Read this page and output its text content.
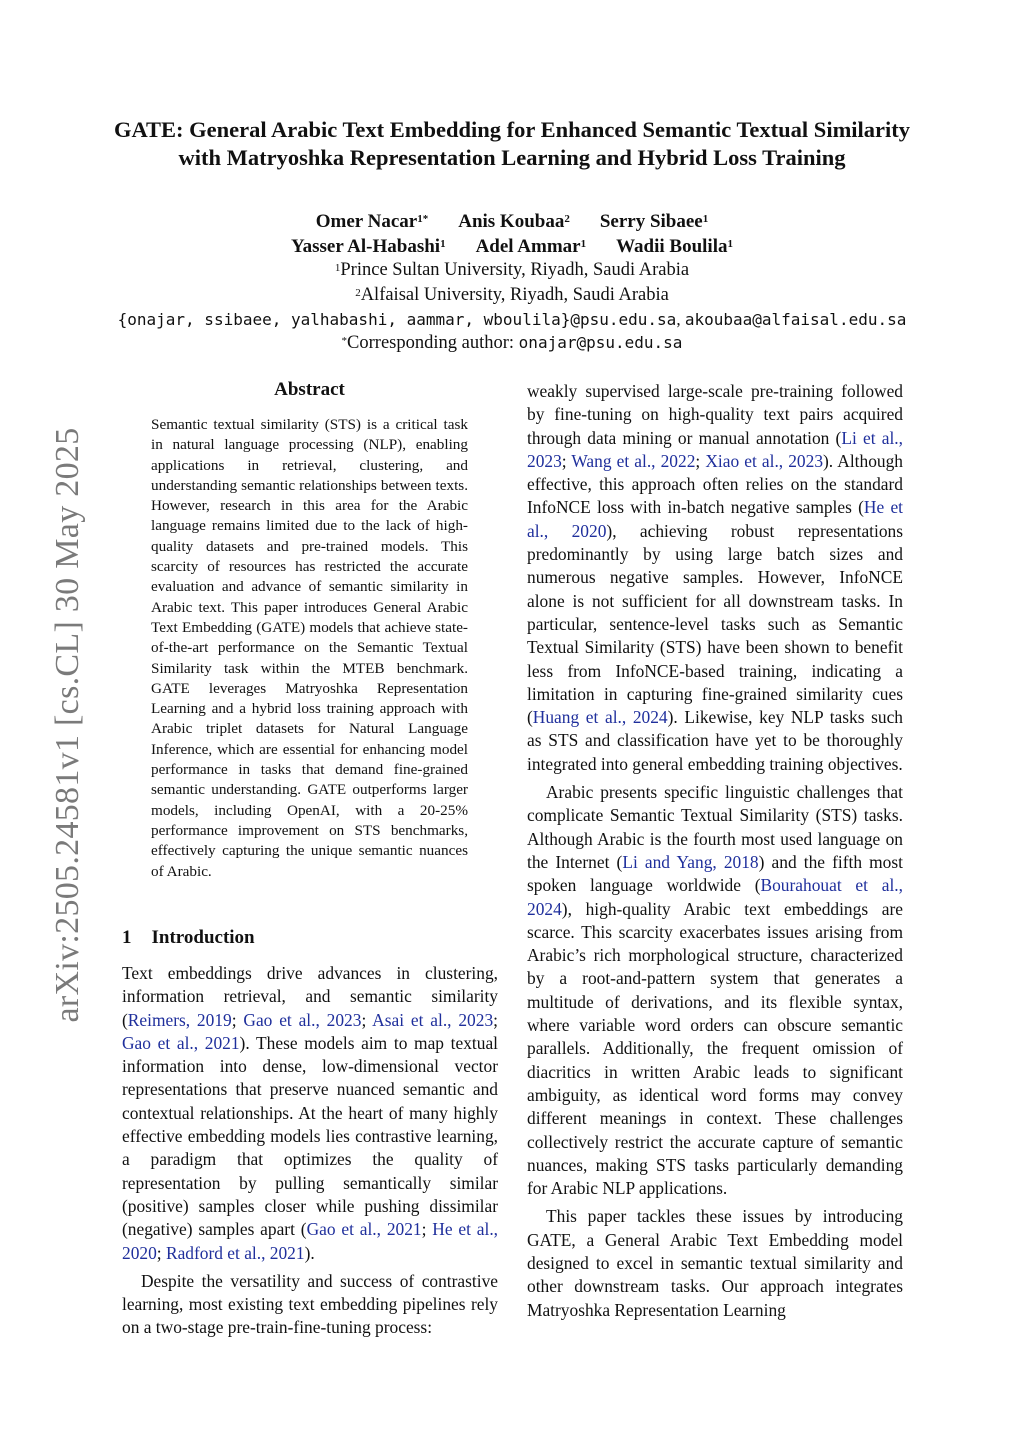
GATE: General Arabic Text Embedding for Enhanced Semantic Textual Similarity with Matryoshka Representation Learning and Hybrid Loss Training
Omer Nacar$^{1*}$ Anis Koubaa$^2$ Serry Sibaee$^1$
Yasser Al-Habashi$^1$ Adel Ammar$^1$ Wadii Boulila$^1$
$^1$Prince Sultan University, Riyadh, Saudi Arabia
$^2$Alfaisal University, Riyadh, Saudi Arabia
{onajar, ssibaee, yalhabashi, aammar, wboulila}@psu.edu.sa, akoubaa@alfaisal.edu.sa
*Corresponding author: onajar@psu.edu.sa
arXiv:2505.24581v1 [cs.CL] 30 May 2025
Abstract

Semantic textual similarity (STS) is a critical task in natural language processing (NLP), enabling applications in retrieval, clustering, and understanding semantic relationships between texts. However, research in this area for the Arabic language remains limited due to the lack of high-quality datasets and pre-trained models. This scarcity of resources has restricted the accurate evaluation and advance of semantic similarity in Arabic text. This paper introduces General Arabic Text Embedding (GATE) models that achieve state-of-the-art performance on the Semantic Textual Similarity task within the MTEB benchmark. GATE leverages Matryoshka Representation Learning and a hybrid loss training approach with Arabic triplet datasets for Natural Language Inference, which are essential for enhancing model performance in tasks that demand fine-grained semantic understanding. GATE outperforms larger models, including OpenAI, with a 20-25% performance improvement on STS benchmarks, effectively capturing the unique semantic nuances of Arabic.

1 Introduction

Text embeddings drive advances in clustering, information retrieval, and semantic similarity (Reimers, 2019; Gao et al., 2023; Asai et al., 2023; Gao et al., 2021). These models aim to map textual information into dense, low-dimensional vector representations that preserve nuanced semantic and contextual relationships. At the heart of many highly effective embedding models lies contrastive learning, a paradigm that optimizes the quality of representation by pulling semantically similar (positive) samples closer while pushing dissimilar (negative) samples apart (Gao et al., 2021; He et al., 2020; Radford et al., 2021).

Despite the versatility and success of contrastive learning, most existing text embedding pipelines rely on a two-stage pre-train-fine-tuning process:

weakly supervised large-scale pre-training followed by fine-tuning on high-quality text pairs acquired through data mining or manual annotation (Li et al., 2023; Wang et al., 2022; Xiao et al., 2023). Although effective, this approach often relies on the standard InfoNCE loss with in-batch negative samples (He et al., 2020), achieving robust representations predominantly by using large batch sizes and numerous negative samples. However, InfoNCE alone is not sufficient for all downstream tasks. In particular, sentence-level tasks such as Semantic Textual Similarity (STS) have been shown to benefit less from InfoNCE-based training, indicating a limitation in capturing fine-grained similarity cues (Huang et al., 2024). Likewise, key NLP tasks such as STS and classification have yet to be thoroughly integrated into general embedding training objectives.

Arabic presents specific linguistic challenges that complicate Semantic Textual Similarity (STS) tasks. Although Arabic is the fourth most used language on the Internet (Li and Yang, 2018) and the fifth most spoken language worldwide (Bourahouat et al., 2024), high-quality Arabic text embeddings are scarce. This scarcity exacerbates issues arising from Arabic’s rich morphological structure, characterized by a root-and-pattern system that generates a multitude of derivations, and its flexible syntax, where variable word orders can obscure semantic parallels. Additionally, the frequent omission of diacritics in written Arabic leads to significant ambiguity, as identical word forms may convey different meanings in context. These challenges collectively restrict the accurate capture of semantic nuances, making STS tasks particularly demanding for Arabic NLP applications.

This paper tackles these issues by introducing GATE, a General Arabic Text Embedding model designed to excel in semantic textual similarity and other downstream tasks. Our approach integrates Matryoshka Representation Learning
